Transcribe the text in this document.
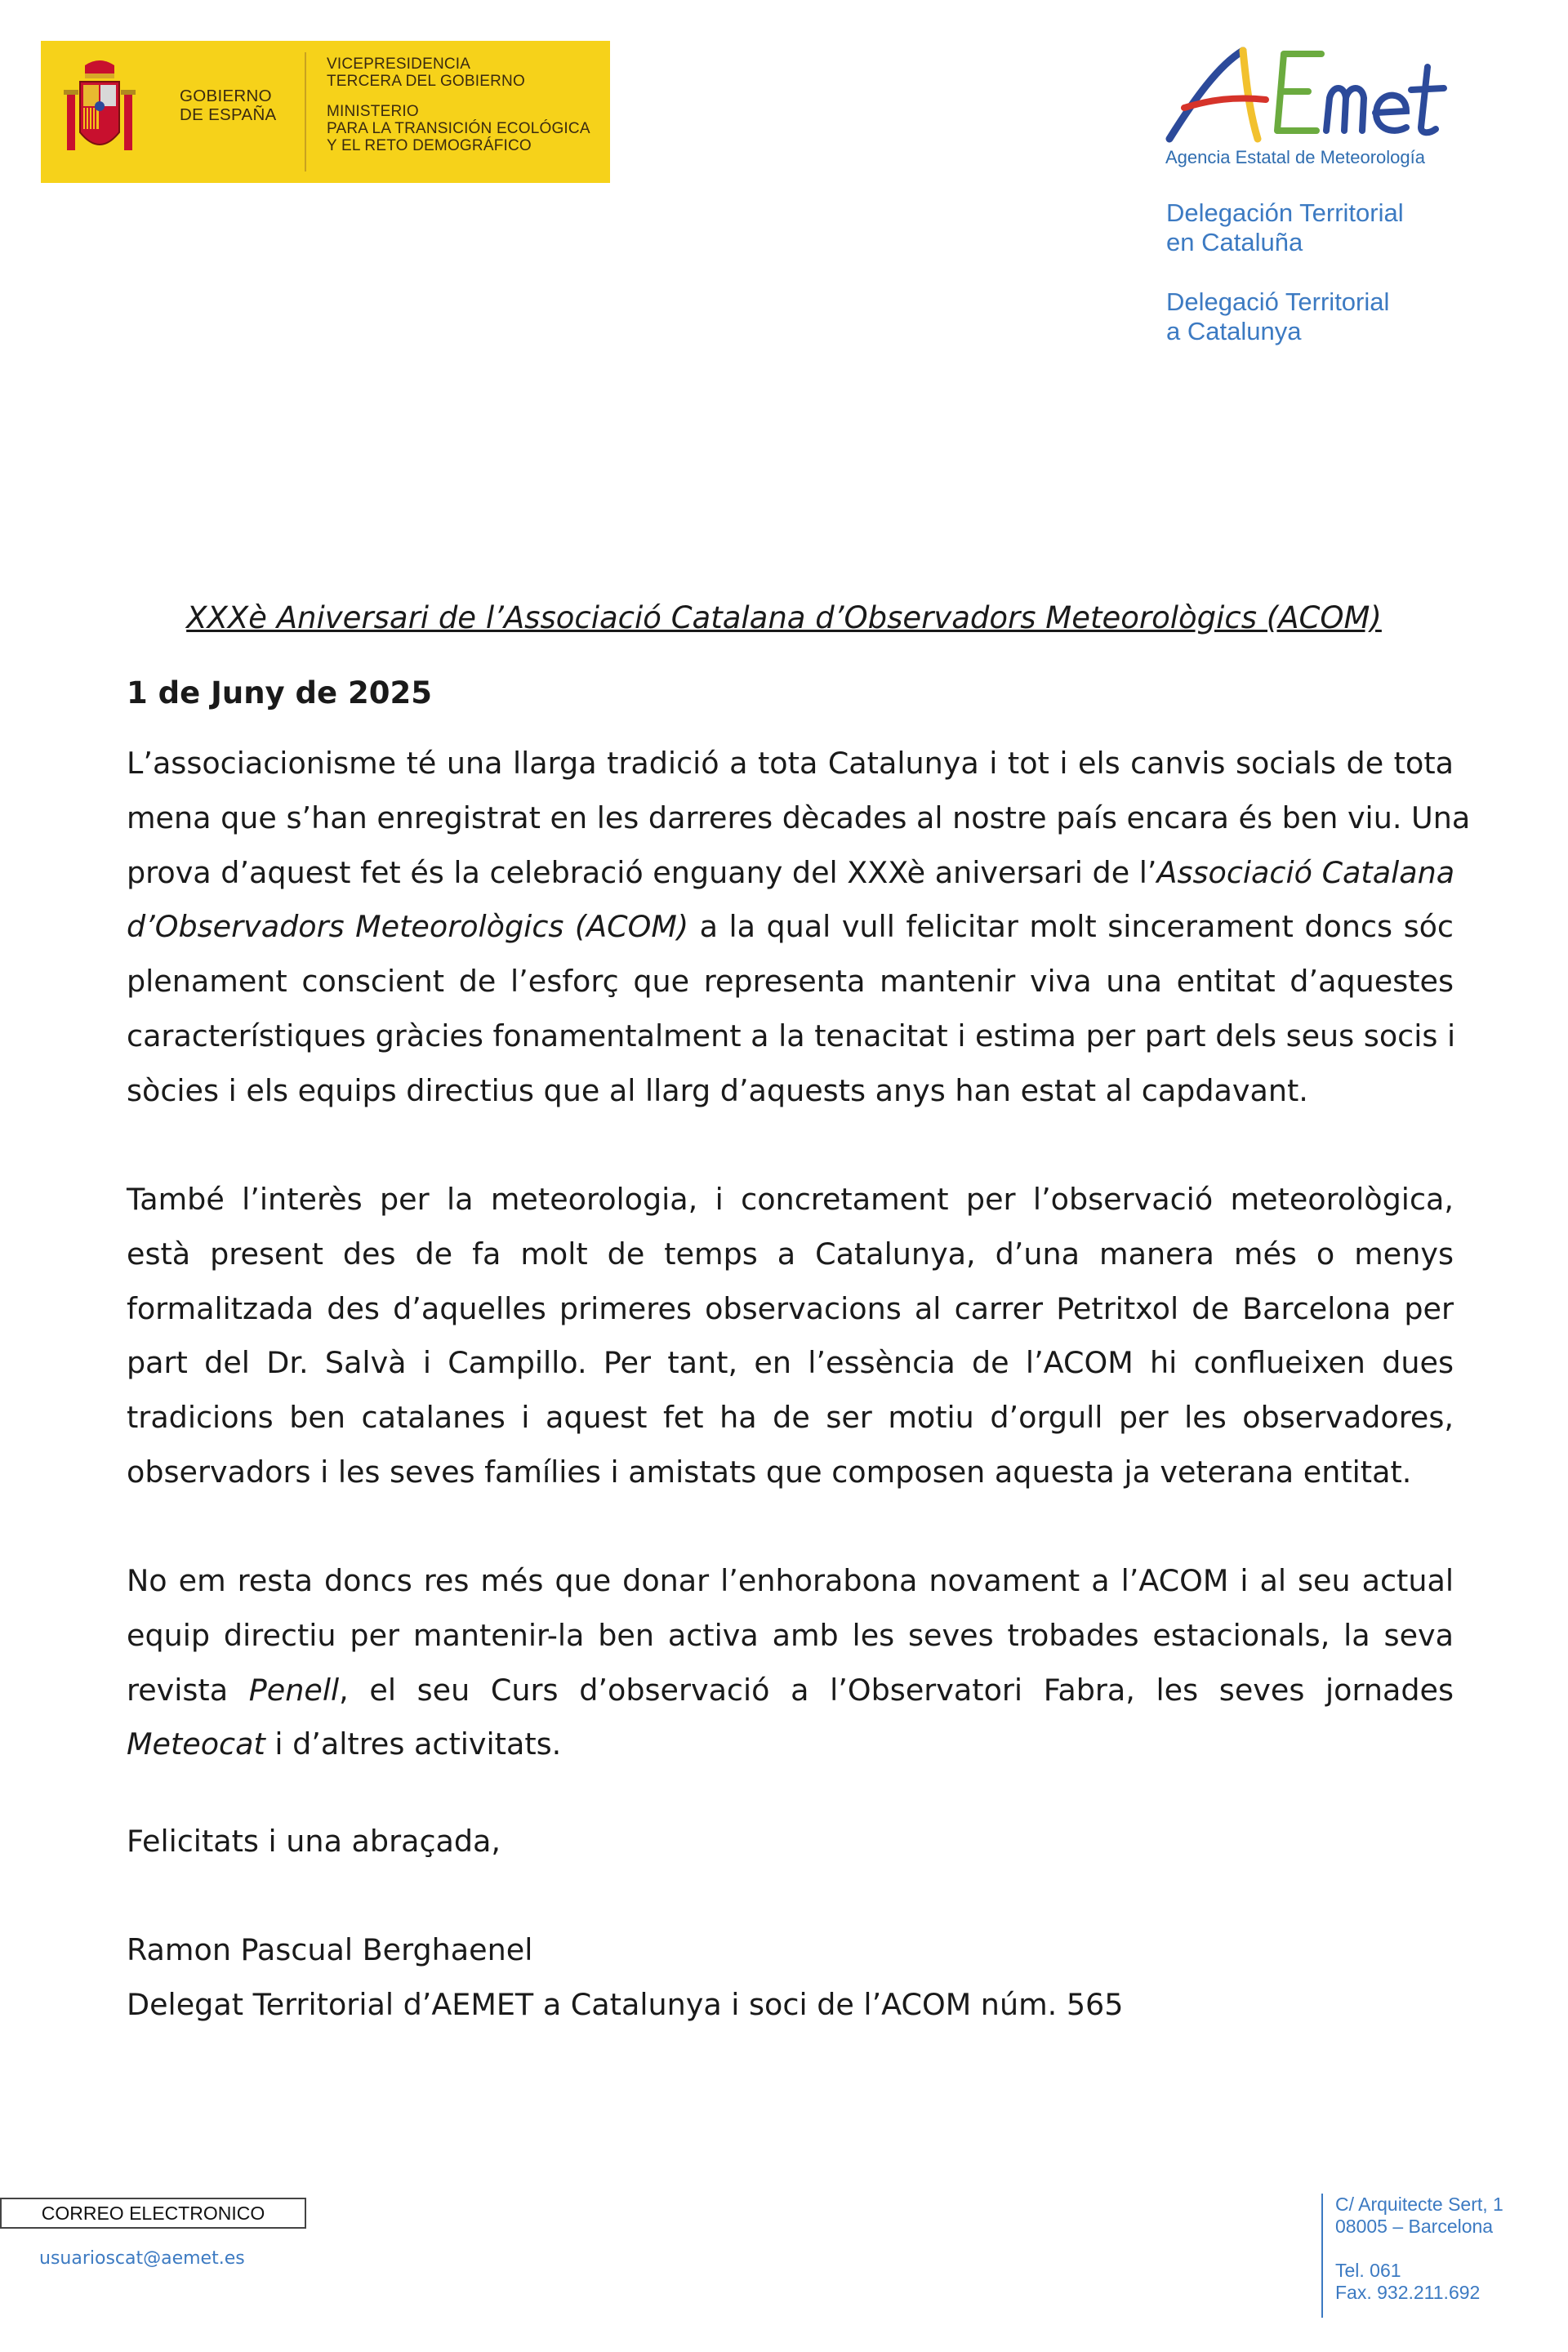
GOBIERNO
DE ESPAÑA
VICEPRESIDENCIA
TERCERA DEL GOBIERNO
MINISTERIO
PARA LA TRANSICIÓN ECOLÓGICA
Y EL RETO DEMOGRÁFICO
Agencia Estatal de Meteorología
Delegación Territorial
en Cataluña
Delegació Territorial
a Catalunya
XXXè Aniversari de l’Associació Catalana d’Observadors Meteorològics (ACOM)
1 de Juny de 2025
L’associacionisme té una llarga tradició a tota Catalunya i tot i els canvis socials de tota
mena que s’han enregistrat en les darreres dècades al nostre país encara és ben viu. Una
prova d’aquest fet és la celebració enguany del XXXè aniversari de l’Associació Catalana
d’Observadors Meteorològics (ACOM) a la qual vull felicitar molt sincerament doncs sóc
plenament conscient de l’esforç que representa mantenir viva una entitat d’aquestes
característiques gràcies fonamentalment a la tenacitat i estima per part dels seus socis i
sòcies i els equips directius que al llarg d’aquests anys han estat al capdavant.
També l’interès per la meteorologia, i concretament per l’observació meteorològica,
està present des de fa molt de temps a Catalunya, d’una manera més o menys
formalitzada des d’aquelles primeres observacions al carrer Petritxol de Barcelona per
part del Dr. Salvà i Campillo. Per tant, en l’essència de l’ACOM hi conflueixen dues
tradicions ben catalanes i aquest fet ha de ser motiu d’orgull per les observadores,
observadors i les seves famílies i amistats que composen aquesta ja veterana entitat.
No em resta doncs res més que donar l’enhorabona novament a l’ACOM i al seu actual
equip directiu per mantenir-la ben activa amb les seves trobades estacionals, la seva
revista Penell, el seu Curs d’observació a l’Observatori Fabra, les seves jornades
Meteocat i d’altres activitats.
Felicitats i una abraçada,
Ramon Pascual Berghaenel
Delegat Territorial d’AEMET a Catalunya i soci de l’ACOM núm. 565
CORREO ELECTRONICO
usuarioscat@aemet.es
C/ Arquitecte Sert, 1
08005 – Barcelona
Tel. 061
Fax. 932.211.692
